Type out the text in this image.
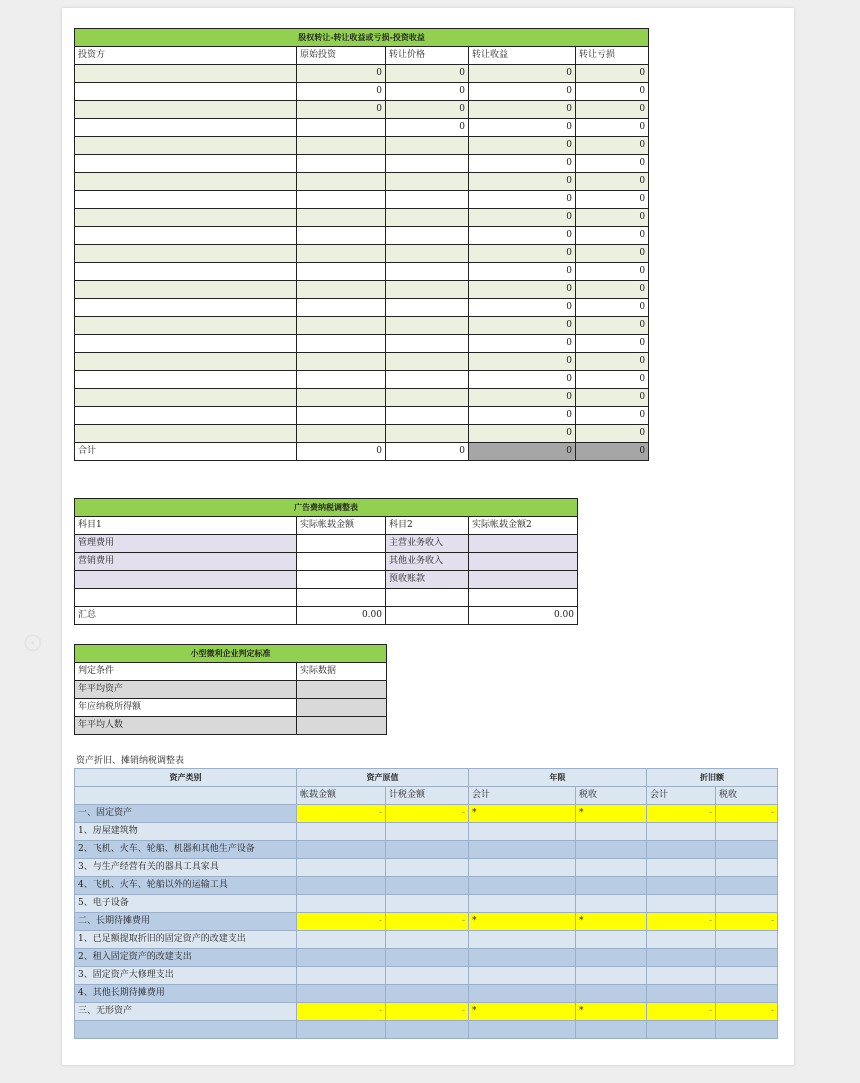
股权转让-转让收益或亏损-投资收益				
投资方	原始投资	转让价格	转让收益	转让亏损
	0	0	0	0
	0	0	0	0
	0	0	0	0
		0	0	0
			0	0
			0	0
			0	0
			0	0
			0	0
			0	0
			0	0
			0	0
			0	0
			0	0
			0	0
			0	0
			0	0
			0	0
			0	0
			0	0
			0	0
合计	0	0	0	0
广告费纳税调整表			
科目1	实际帐载金额	科目2	实际帐载金额2
管理费用		主营业务收入	
营销费用		其他业务收入	
		预收账款	

汇总	0.00		0.00
小型微利企业判定标准	
判定条件	实际数据
年平均资产	
年应纳税所得额	
年平均人数	
资产折旧、摊销纳税调整表
资产类别	资产原值		年限		折旧额	
	帐载金额	计税金额	会计	税收	会计	税收
一、固定资产	-	-	*	*	-	-
1、房屋建筑物						
2、飞机、火车、轮船、机器和其他生产设备						
3、与生产经营有关的器具工具家具						
4、飞机、火车、轮船以外的运输工具						
5、电子设备						
二、长期待摊费用	-	-	*	*	-	-
1、已足额提取折旧的固定资产的改建支出						
2、租入固定资产的改建支出						
3、固定资产大修理支出						
4、其他长期待摊费用						
三、无形资产	-	-	*	*	-	-

⊙
